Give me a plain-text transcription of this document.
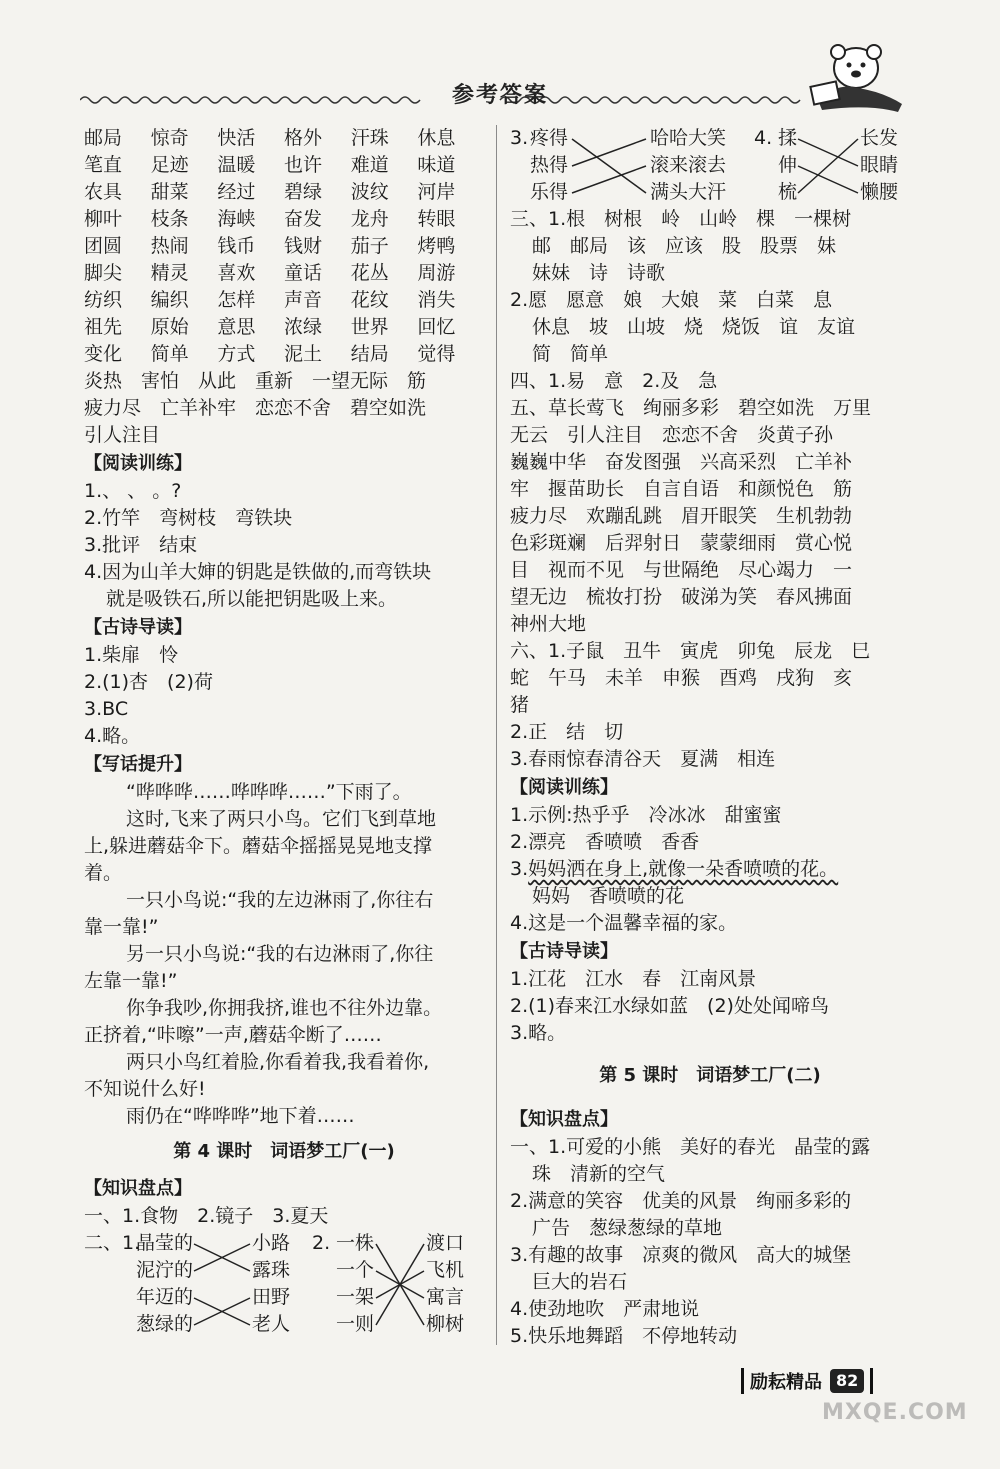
参考答案
邮局	惊奇	快活	格外	汗珠	休息
笔直	足迹	温暖	也许	难道	味道
农具	甜菜	经过	碧绿	波纹	河岸
柳叶	枝条	海峡	奋发	龙舟	转眼
团圆	热闹	钱币	钱财	茄子	烤鸭
脚尖	精灵	喜欢	童话	花丛	周游
纺织	编织	怎样	声音	花纹	消失
祖先	原始	意思	浓绿	世界	回忆
变化	简单	方式	泥土	结局	觉得
炎热　害怕　从此　重新　一望无际　筋
疲力尽　亡羊补牢　恋恋不舍　碧空如洗
引人注目
【阅读训练】
1.、 、 。?
2.竹竿　弯树枝　弯铁块
3.批评　结束
4.因为山羊大婶的钥匙是铁做的,而弯铁块
就是吸铁石,所以能把钥匙吸上来。
【古诗导读】
1.柴扉　怜
2.(1)杏　(2)荷
3.BC
4.略。
【写话提升】
“哗哗哗……哗哗哗……”下雨了。
这时,飞来了两只小鸟。它们飞到草地
上,躲进蘑菇伞下。蘑菇伞摇摇晃晃地支撑
着。
一只小鸟说:“我的左边淋雨了,你往右
靠一靠!”
另一只小鸟说:“我的右边淋雨了,你往
左靠一靠!”
你争我吵,你拥我挤,谁也不往外边靠。
正挤着,“咔嚓”一声,蘑菇伞断了……
两只小鸟红着脸,你看着我,我看着你,
不知说什么好!
雨仍在“哗哗哗”地下着……
第 4 课时　词语梦工厂(一)
【知识盘点】
一、1.食物　2.镜子　3.夏天
二、1.
晶莹的
泥泞的
年迈的
葱绿的
小路
露珠
田野
老人
2. 一株
一个
一架
一则
渡口
飞机
寓言
柳树
3. 疼得
热得
乐得
哈哈大笑
滚来滚去
满头大汗
4. 揉
伸
梳
长发
眼睛
懒腰
三、1.根　树根　岭　山岭　棵　一棵树
邮　邮局　该　应该　股　股票　妹
妹妹　诗　诗歌
2.愿　愿意　娘　大娘　菜　白菜　息
休息　坡　山坡　烧　烧饭　谊　友谊
简　简单
四、1.易　意　2.及　急
五、草长莺飞　绚丽多彩　碧空如洗　万里
无云　引人注目　恋恋不舍　炎黄子孙
巍巍中华　奋发图强　兴高采烈　亡羊补
牢　揠苗助长　自言自语　和颜悦色　筋
疲力尽　欢蹦乱跳　眉开眼笑　生机勃勃
色彩斑斓　后羿射日　蒙蒙细雨　赏心悦
目　视而不见　与世隔绝　尽心竭力　一
望无边　梳妆打扮　破涕为笑　春风拂面
神州大地
六、1.子鼠　丑牛　寅虎　卯兔　辰龙　巳
蛇　午马　未羊　申猴　酉鸡　戌狗　亥
猪
2.正　结　切
3.春雨惊春清谷天　夏满　相连
【阅读训练】
1.示例:热乎乎　冷冰冰　甜蜜蜜
2.漂亮　香喷喷　香香
3.妈妈洒在身上,就像一朵香喷喷的花。
妈妈　香喷喷的花
4.这是一个温馨幸福的家。
【古诗导读】
1.江花　江水　春　江南风景
2.(1)春来江水绿如蓝　(2)处处闻啼鸟
3.略。
第 5 课时　词语梦工厂(二)
【知识盘点】
一、1.可爱的小熊　美好的春光　晶莹的露
珠　清新的空气
2.满意的笑容　优美的风景　绚丽多彩的
广告　葱绿葱绿的草地
3.有趣的故事　凉爽的微风　高大的城堡
巨大的岩石
4.使劲地吹　严肃地说
5.快乐地舞蹈　不停地转动
励耘精品 82
MXQE.COM
